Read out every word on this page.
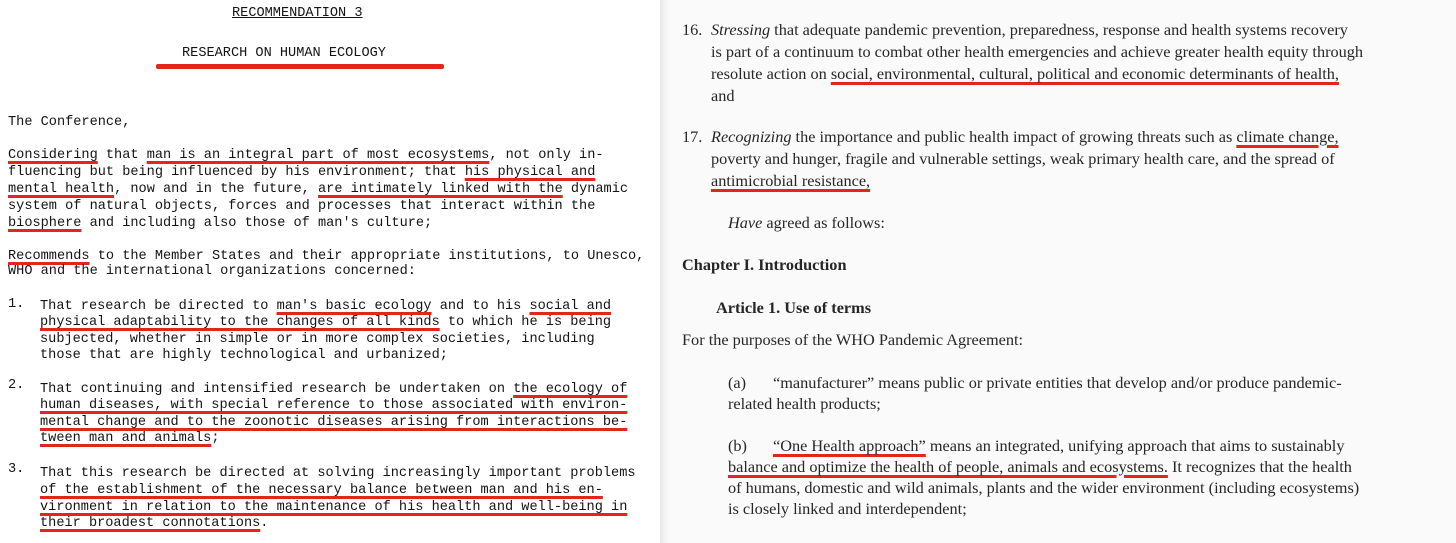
RECOMMENDATION 3
RESEARCH ON HUMAN ECOLOGY
The Conference,
Considering that man is an integral part of most ecosystems, not only in-
fluencing but being influenced by his environment; that his physical and
mental health, now and in the future, are intimately linked with the dynamic
system of natural objects, forces and processes that interact within the
biosphere and including also those of man's culture;
Recommends to the Member States and their appropriate institutions, to Unesco,
WHO and the international organizations concerned:
1. That research be directed to man's basic ecology and to his social and
physical adaptability to the changes of all kinds to which he is being
subjected, whether in simple or in more complex societies, including
those that are highly technological and urbanized;
2. That continuing and intensified research be undertaken on the ecology of
human diseases, with special reference to those associated with environ-
mental change and to the zoonotic diseases arising from interactions be-
tween man and animals;
3. That this research be directed at solving increasingly important problems
of the establishment of the necessary balance between man and his en-
vironment in relation to the maintenance of his health and well-being in
their broadest connotations.
16. Stressing that adequate pandemic prevention, preparedness, response and health systems recovery
is part of a continuum to combat other health emergencies and achieve greater health equity through
resolute action on social, environmental, cultural, political and economic determinants of health,
and
17. Recognizing the importance and public health impact of growing threats such as climate change,
poverty and hunger, fragile and vulnerable settings, weak primary health care, and the spread of
antimicrobial resistance,
Have agreed as follows:
Chapter I. Introduction
Article 1. Use of terms
For the purposes of the WHO Pandemic Agreement:
(a) “manufacturer” means public or private entities that develop and/or produce pandemic-
related health products;
(b) “One Health approach” means an integrated, unifying approach that aims to sustainably
balance and optimize the health of people, animals and ecosystems. It recognizes that the health
of humans, domestic and wild animals, plants and the wider environment (including ecosystems)
is closely linked and interdependent;
